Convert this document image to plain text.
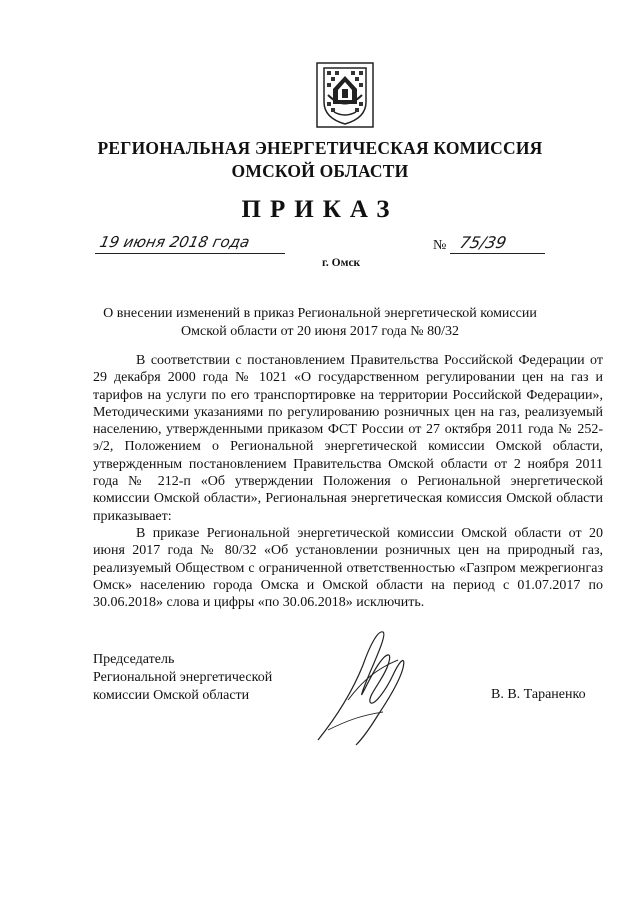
РЕГИОНАЛЬНАЯ ЭНЕРГЕТИЧЕСКАЯ КОМИССИЯ
ОМСКОЙ ОБЛАСТИ
ПРИКАЗ
19 июня 2018 года	№ 75/39
г. Омск
О внесении изменений в приказ Региональной энергетической комиссии
Омской области от 20 июня 2017 года № 80/32

В соответствии с постановлением Правительства Российской Федерации от 29 декабря 2000 года № 1021 «О государственном регулировании цен на газ и тарифов на услуги по его транспортировке на территории Российской Федерации», Методическими указаниями по регулированию розничных цен на газ, реализуемый населению, утвержденными приказом ФСТ России от 27 октября 2011 года № 252-э/2, Положением о Региональной энергетической комиссии Омской области, утвержденным постановлением Правительства Омской области от 2 ноября 2011 года № 212-п «Об утверждении Положения о Региональной энергетической комиссии Омской области», Региональная энергетическая комиссия Омской области приказывает:

В приказе Региональной энергетической комиссии Омской области от 20 июня 2017 года № 80/32 «Об установлении розничных цен на природный газ, реализуемый Обществом с ограниченной ответственностью «Газпром межрегионгаз Омск» населению города Омска и Омской области на период с 01.07.2017 по 30.06.2018» слова и цифры «по 30.06.2018» исключить.

Председатель
Региональной энергетической
комиссии Омской области	В. В. Тараненко
